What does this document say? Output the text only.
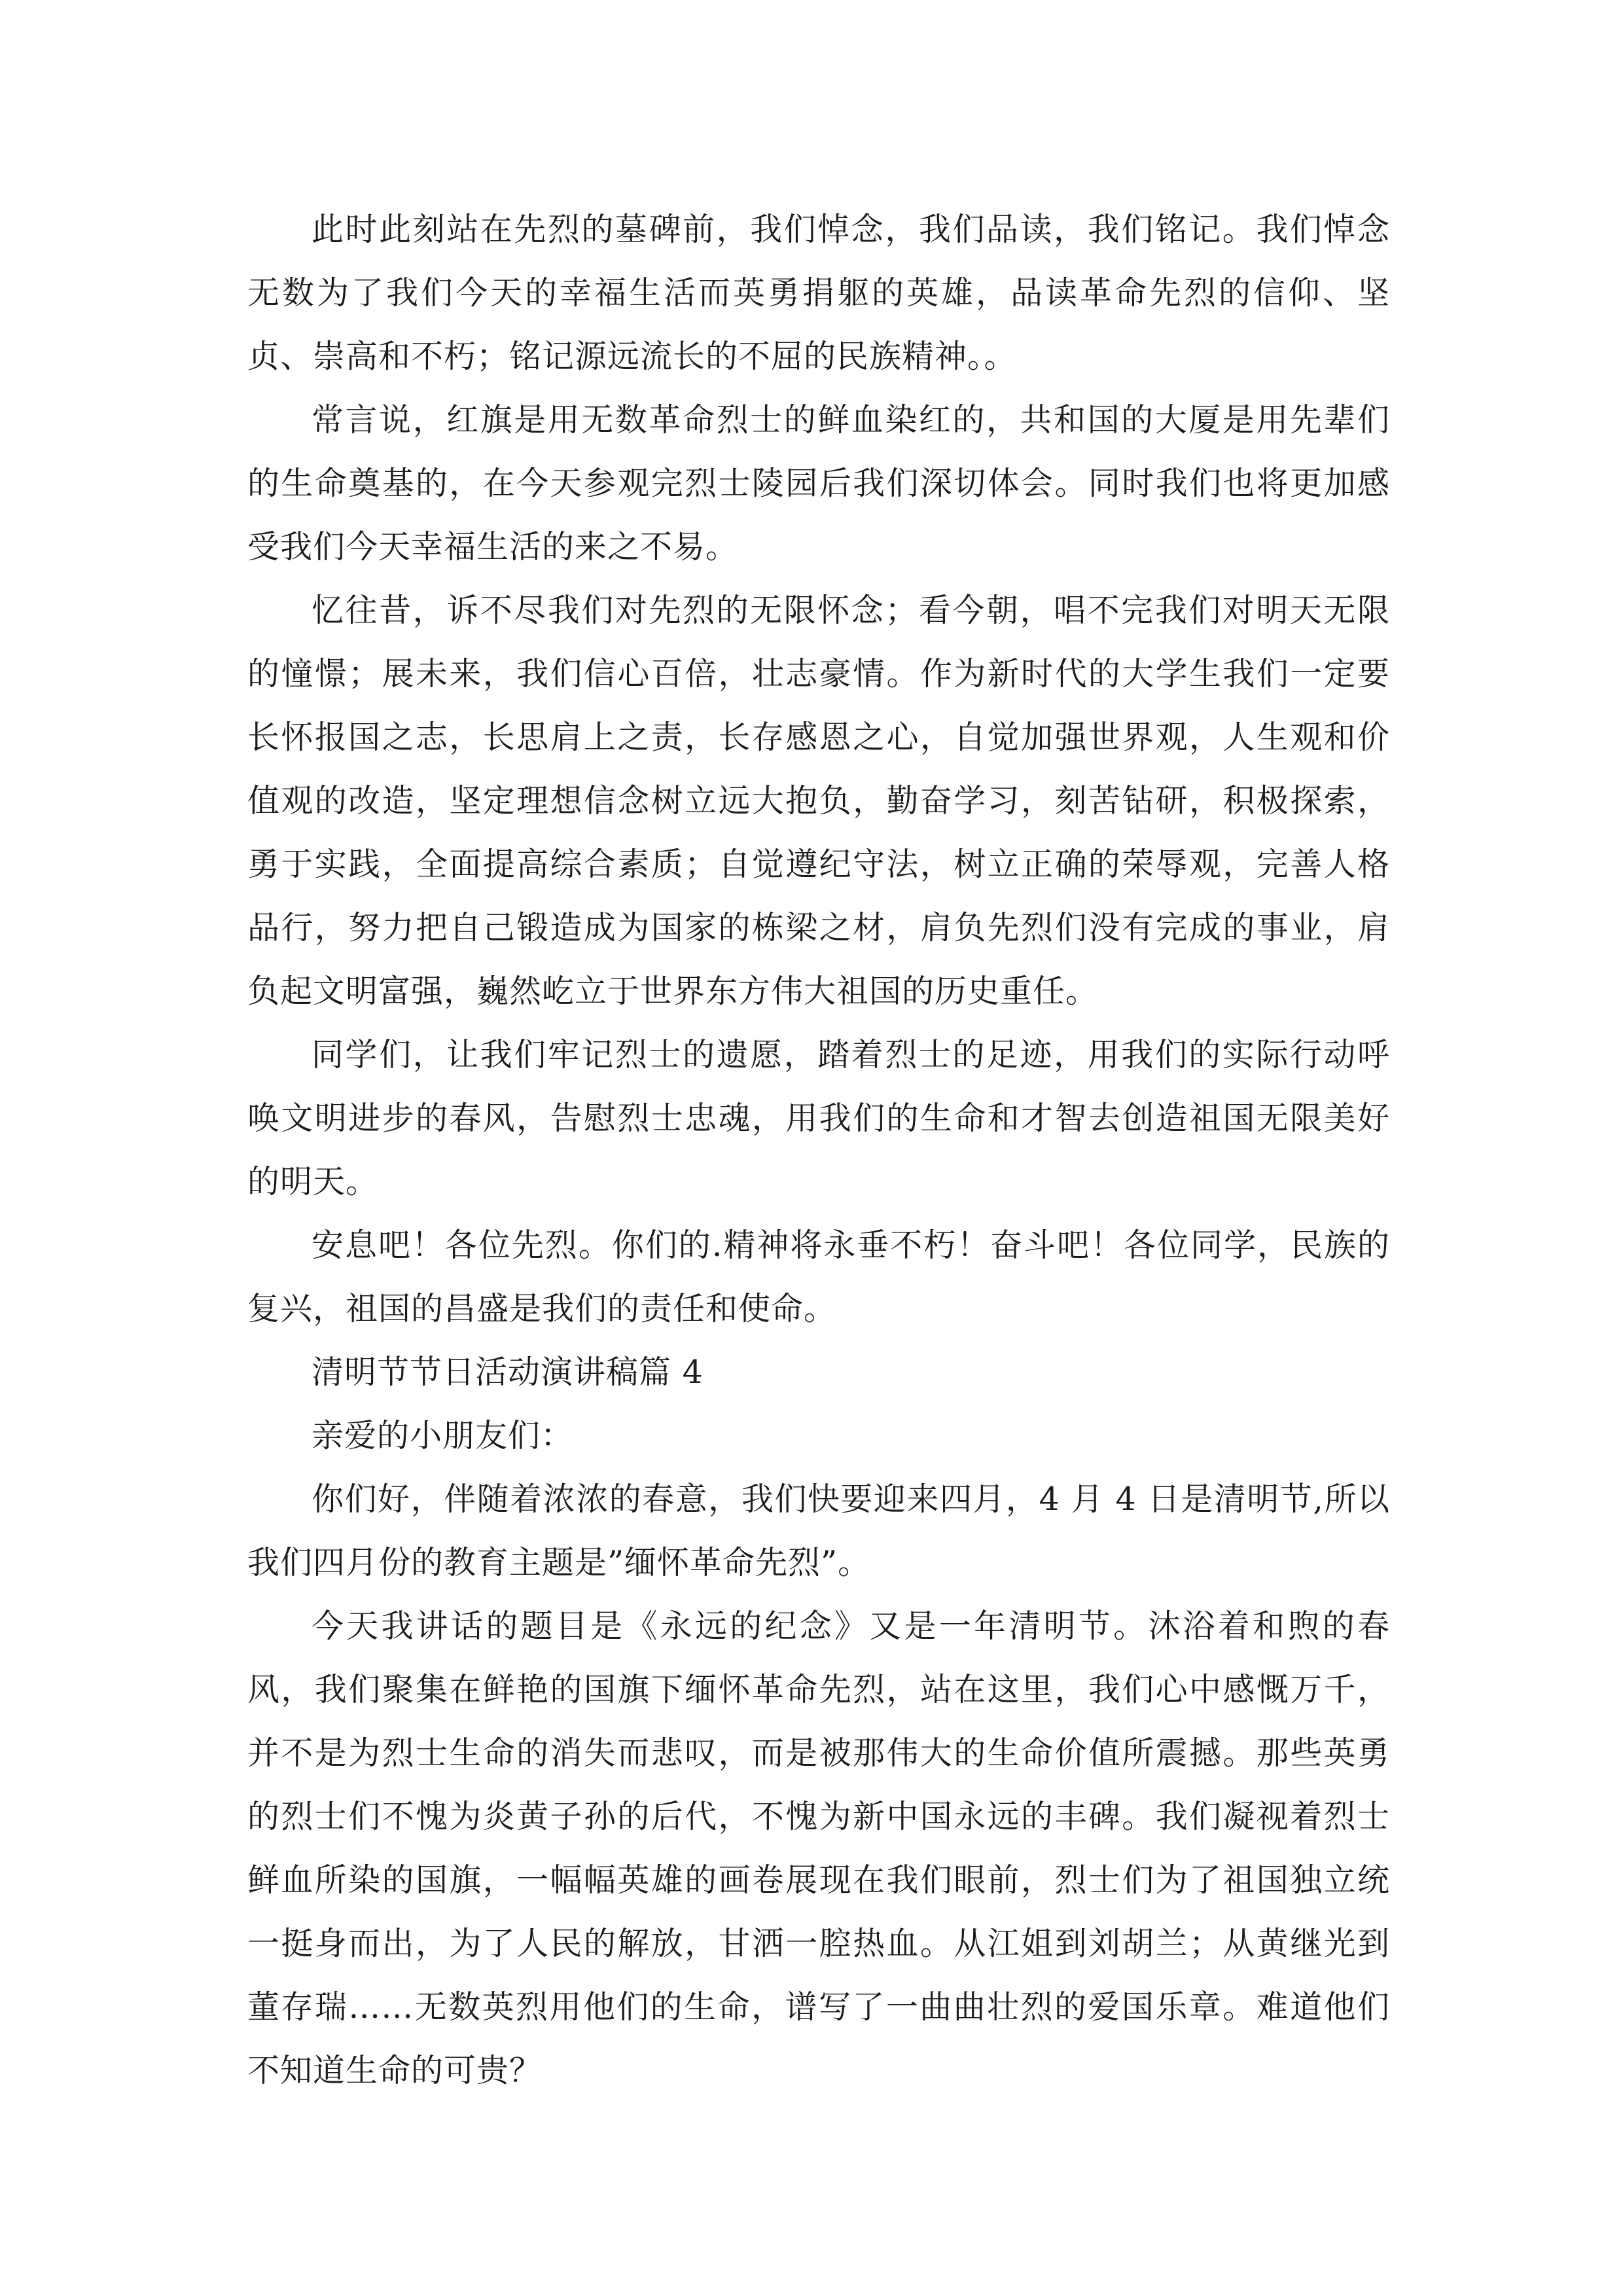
此时此刻站在先烈的墓碑前，我们悼念，我们品读，我们铭记。我们悼念无数为了我们今天的幸福生活而英勇捐躯的英雄，品读革命先烈的信仰、坚贞、崇高和不朽；铭记源远流长的不屈的民族精神。。

常言说，红旗是用无数革命烈士的鲜血染红的，共和国的大厦是用先辈们的生命奠基的，在今天参观完烈士陵园后我们深切体会。同时我们也将更加感受我们今天幸福生活的来之不易。

忆往昔，诉不尽我们对先烈的无限怀念；看今朝，唱不完我们对明天无限的憧憬；展未来，我们信心百倍，壮志豪情。作为新时代的大学生我们一定要长怀报国之志，长思肩上之责，长存感恩之心，自觉加强世界观，人生观和价值观的改造，坚定理想信念树立远大抱负，勤奋学习，刻苦钻研，积极探索，勇于实践，全面提高综合素质；自觉遵纪守法，树立正确的荣辱观，完善人格品行，努力把自己锻造成为国家的栋梁之材，肩负先烈们没有完成的事业，肩负起文明富强，巍然屹立于世界东方伟大祖国的历史重任。

同学们，让我们牢记烈士的遗愿，踏着烈士的足迹，用我们的实际行动呼唤文明进步的春风，告慰烈士忠魂，用我们的生命和才智去创造祖国无限美好的明天。

安息吧！各位先烈。你们的.精神将永垂不朽！奋斗吧！各位同学，民族的复兴，祖国的昌盛是我们的责任和使命。

清明节节日活动演讲稿篇 4

亲爱的小朋友们：

你们好，伴随着浓浓的春意，我们快要迎来四月，4 月 4 日是清明节,所以我们四月份的教育主题是”缅怀革命先烈”。

今天我讲话的题目是《永远的纪念》又是一年清明节。沐浴着和煦的春风，我们聚集在鲜艳的国旗下缅怀革命先烈，站在这里，我们心中感慨万千，并不是为烈士生命的消失而悲叹，而是被那伟大的生命价值所震撼。那些英勇的烈士们不愧为炎黄子孙的后代，不愧为新中国永远的丰碑。我们凝视着烈士鲜血所染的国旗，一幅幅英雄的画卷展现在我们眼前，烈士们为了祖国独立统一挺身而出，为了人民的解放，甘洒一腔热血。从江姐到刘胡兰；从黄继光到董存瑞……无数英烈用他们的生命，谱写了一曲曲壮烈的爱国乐章。难道他们不知道生命的可贵？
